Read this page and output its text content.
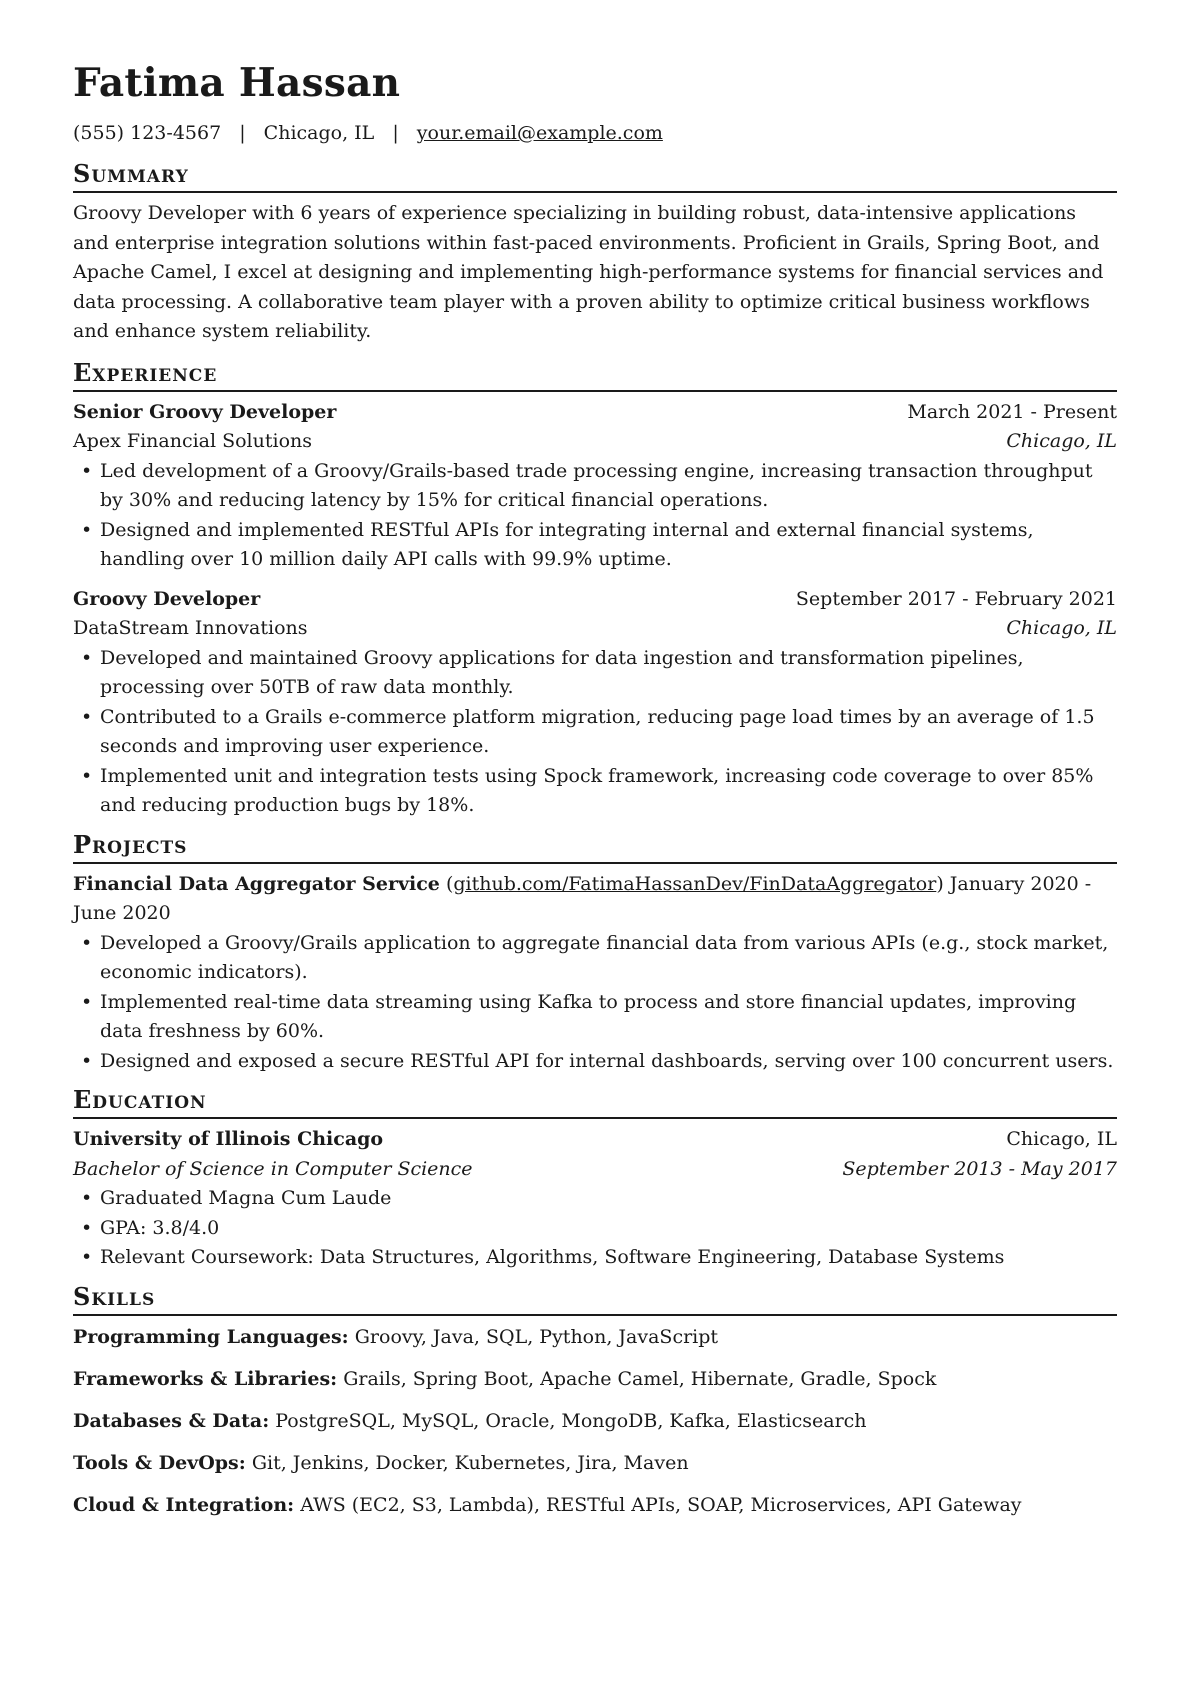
Fatima Hassan
(555) 123-4567 | Chicago, IL | your.email@example.com
Summary
Groovy Developer with 6 years of experience specializing in building robust, data-intensive applications and enterprise integration solutions within fast-paced environments. Proficient in Grails, Spring Boot, and Apache Camel, I excel at designing and implementing high-performance systems for financial services and data processing. A collaborative team player with a proven ability to optimize critical business workflows and enhance system reliability.
Experience
Senior Groovy Developer	March 2021 - Present
Apex Financial Solutions	Chicago, IL
• Led development of a Groovy/Grails-based trade processing engine, increasing transaction throughput by 30% and reducing latency by 15% for critical financial operations.
• Designed and implemented RESTful APIs for integrating internal and external financial systems, handling over 10 million daily API calls with 99.9% uptime.
Groovy Developer	September 2017 - February 2021
DataStream Innovations	Chicago, IL
• Developed and maintained Groovy applications for data ingestion and transformation pipelines, processing over 50TB of raw data monthly.
• Contributed to a Grails e-commerce platform migration, reducing page load times by an average of 1.5 seconds and improving user experience.
• Implemented unit and integration tests using Spock framework, increasing code coverage to over 85% and reducing production bugs by 18%.
Projects
Financial Data Aggregator Service (github.com/FatimaHassanDev/FinDataAggregator) January 2020 - June 2020
• Developed a Groovy/Grails application to aggregate financial data from various APIs (e.g., stock market, economic indicators).
• Implemented real-time data streaming using Kafka to process and store financial updates, improving data freshness by 60%.
• Designed and exposed a secure RESTful API for internal dashboards, serving over 100 concurrent users.
Education
University of Illinois Chicago	Chicago, IL
Bachelor of Science in Computer Science	September 2013 - May 2017
• Graduated Magna Cum Laude
• GPA: 3.8/4.0
• Relevant Coursework: Data Structures, Algorithms, Software Engineering, Database Systems
Skills
Programming Languages: Groovy, Java, SQL, Python, JavaScript
Frameworks & Libraries: Grails, Spring Boot, Apache Camel, Hibernate, Gradle, Spock
Databases & Data: PostgreSQL, MySQL, Oracle, MongoDB, Kafka, Elasticsearch
Tools & DevOps: Git, Jenkins, Docker, Kubernetes, Jira, Maven
Cloud & Integration: AWS (EC2, S3, Lambda), RESTful APIs, SOAP, Microservices, API Gateway
